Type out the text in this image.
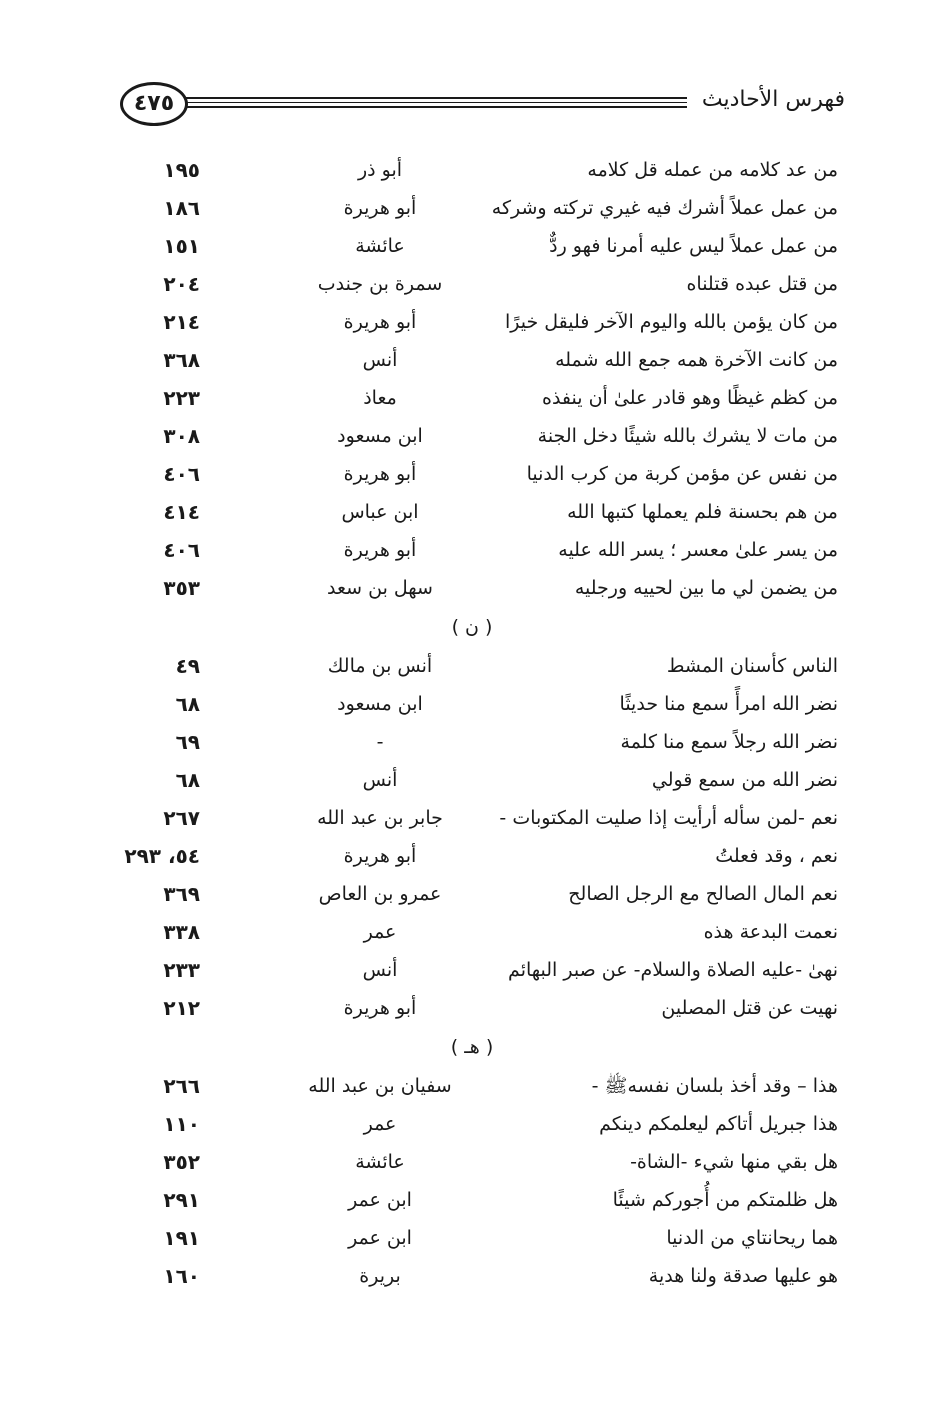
٤٧٥	فهرس الأحاديث
من عد كلامه من عمله قل كلامه
أبو ذر
١٩٥
من عمل عملاً أشرك فيه غيري تركته وشركه
أبو هريرة
١٨٦
من عمل عملاً ليس عليه أمرنا فهو ردٌّ
عائشة
١٥١
من قتل عبده قتلناه
سمرة بن جندب
٢٠٤
من كان يؤمن بالله واليوم الآخر فليقل خيرًا
أبو هريرة
٢١٤
من كانت الآخرة همه جمع الله شمله
أنس
٣٦٨
من كظم غيظًا وهو قادر علىٰ أن ينفذه
معاذ
٢٢٣
من مات لا يشرك بالله شيئًا دخل الجنة
ابن مسعود
٣٠٨
من نفس عن مؤمن كربة من كرب الدنيا
أبو هريرة
٤٠٦
من هم بحسنة فلم يعملها كتبها الله
ابن عباس
٤١٤
من يسر علىٰ معسر ؛ يسر الله عليه
أبو هريرة
٤٠٦
من يضمن لي ما بين لحييه ورجليه
سهل بن سعد
٣٥٣
( ن )
الناس كأسنان المشط
أنس بن مالك
٤٩
نضر الله امرأً سمع منا حديثًا
ابن مسعود
٦٨
نضر الله رجلاً سمع منا كلمة
-
٦٩
نضر الله من سمع قولي
أنس
٦٨
نعم -لمن سأله أرأيت إذا صليت المكتوبات -
جابر بن عبد الله
٢٦٧
نعم ، وقد فعلتُ
أبو هريرة
٥٤، ٢٩٣
نعم المال الصالح مع الرجل الصالح
عمرو بن العاص
٣٦٩
نعمت البدعة هذه
عمر
٣٣٨
نهىٰ -عليه الصلاة والسلام- عن صبر البهائم
أنس
٢٣٣
نهيت عن قتل المصلين
أبو هريرة
٢١٢
( هـ )
هذا – وقد أخذ بلسان نفسهﷺ -
سفيان بن عبد الله
٢٦٦
هذا جبريل أتاكم ليعلمكم دينكم
عمر
١١٠
هل بقي منها شيء -الشاة-
عائشة
٣٥٢
هل ظلمتكم من أُجوركم شيئًا
ابن عمر
٢٩١
هما ريحانتاي من الدنيا
ابن عمر
١٩١
هو عليها صدقة ولنا هدية
بريرة
١٦٠
